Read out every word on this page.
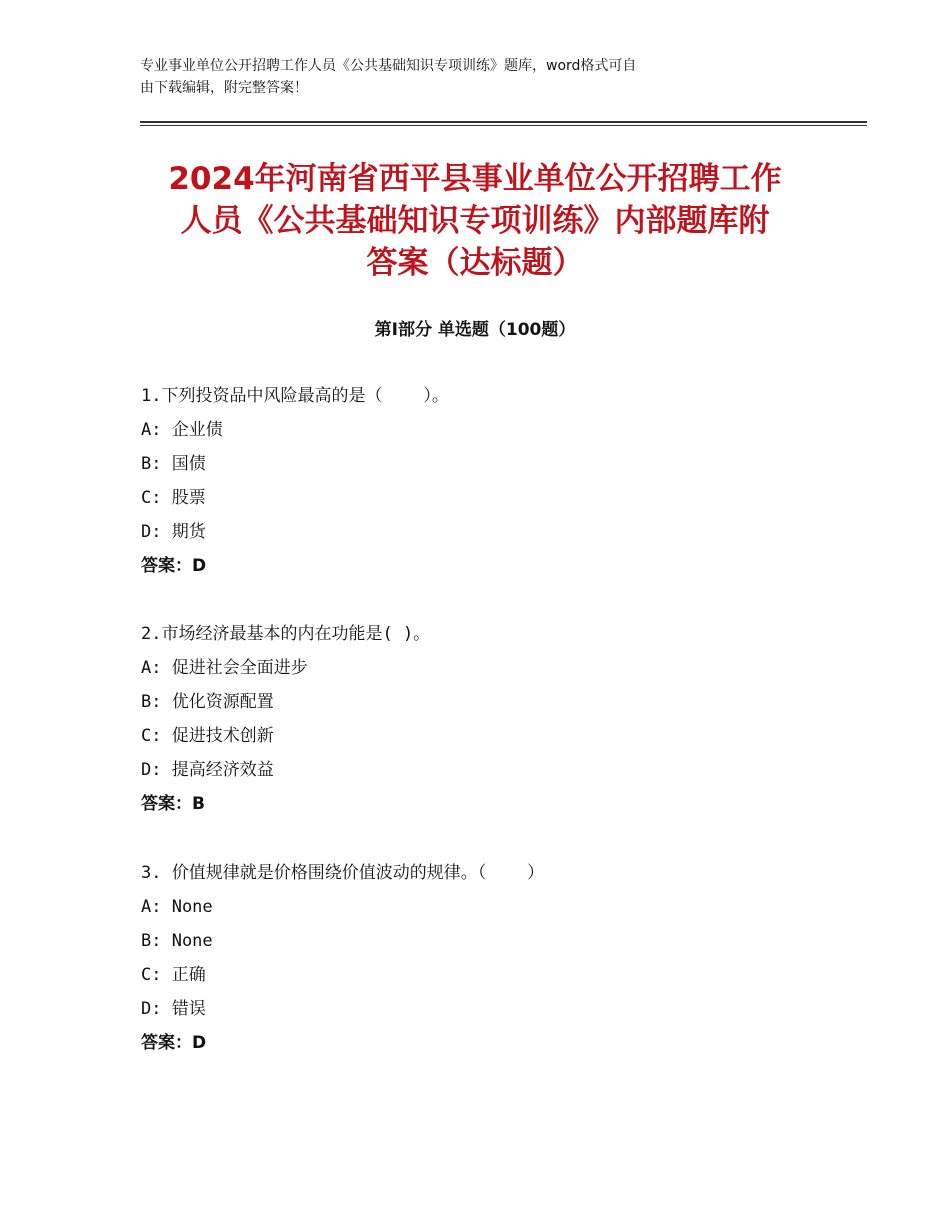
专业事业单位公开招聘工作人员《公共基础知识专项训练》题库，word格式可自
由下载编辑，附完整答案！
2024年河南省西平县事业单位公开招聘工作
人员《公共基础知识专项训练》内部题库附
答案（达标题）
第Ⅰ部分 单选题（100题）
1.下列投资品中风险最高的是（    ）。
A: 企业债
B: 国债
C: 股票
D: 期货
答案：D
2.市场经济最基本的内在功能是( )。
A: 促进社会全面进步
B: 优化资源配置
C: 促进技术创新
D: 提高经济效益
答案：B
3. 价值规律就是价格围绕价值波动的规律。（    ）
A: None
B: None
C: 正确
D: 错误
答案：D
